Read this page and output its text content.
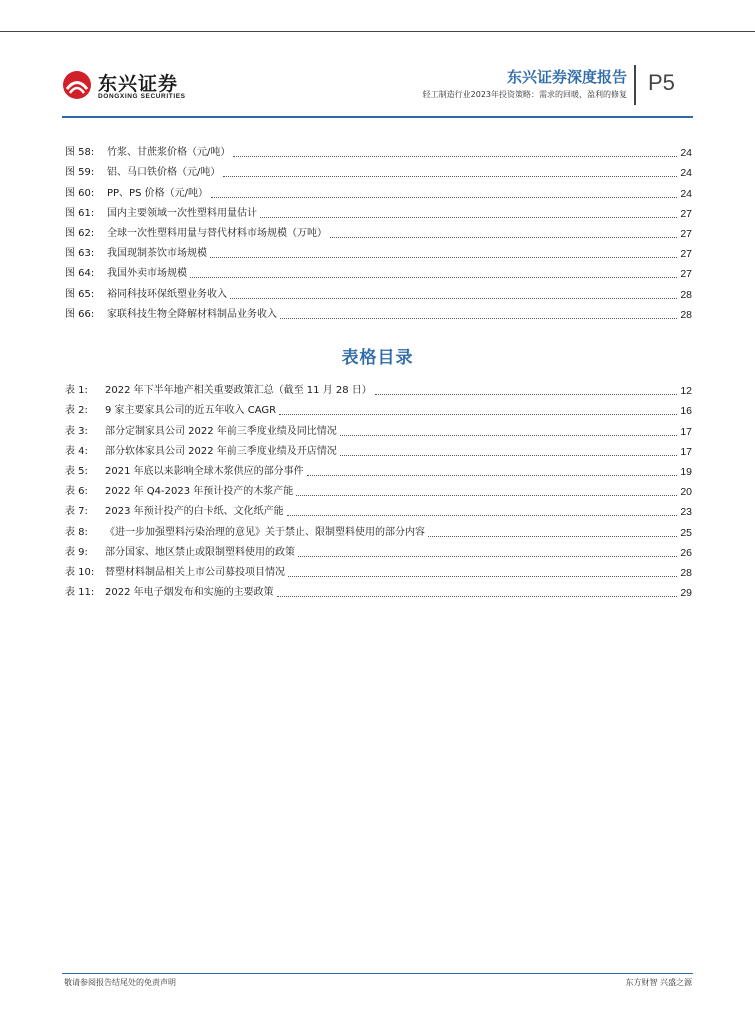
东兴证券
DONGXING SECURITIES
东兴证券深度报告
轻工制造行业2023年投资策略：需求的回暖，盈利的修复 P5
图 58:	竹浆、甘蔗浆价格（元/吨）	24
图 59:	铝、马口铁价格（元/吨）	24
图 60:	PP、PS 价格（元/吨）	24
图 61:	国内主要领域一次性塑料用量估计	27
图 62:	全球一次性塑料用量与替代材料市场规模（万吨）	27
图 63:	我国现制茶饮市场规模	27
图 64:	我国外卖市场规模	27
图 65:	裕同科技环保纸塑业务收入	28
图 66:	家联科技生物全降解材料制品业务收入	28
表格目录
表 1:	2022 年下半年地产相关重要政策汇总（截至 11 月 28 日）	12
表 2:	9 家主要家具公司的近五年收入 CAGR	16
表 3:	部分定制家具公司 2022 年前三季度业绩及同比情况	17
表 4:	部分软体家具公司 2022 年前三季度业绩及开店情况	17
表 5:	2021 年底以来影响全球木浆供应的部分事件	19
表 6:	2022 年 Q4-2023 年预计投产的木浆产能	20
表 7:	2023 年预计投产的白卡纸、文化纸产能	23
表 8:	《进一步加强塑料污染治理的意见》关于禁止、限制塑料使用的部分内容	25
表 9:	部分国家、地区禁止或限制塑料使用的政策	26
表 10:	替塑材料制品相关上市公司募投项目情况	28
表 11:	2022 年电子烟发布和实施的主要政策	29
敬请参阅报告结尾处的免责声明	东方财智 兴盛之源
